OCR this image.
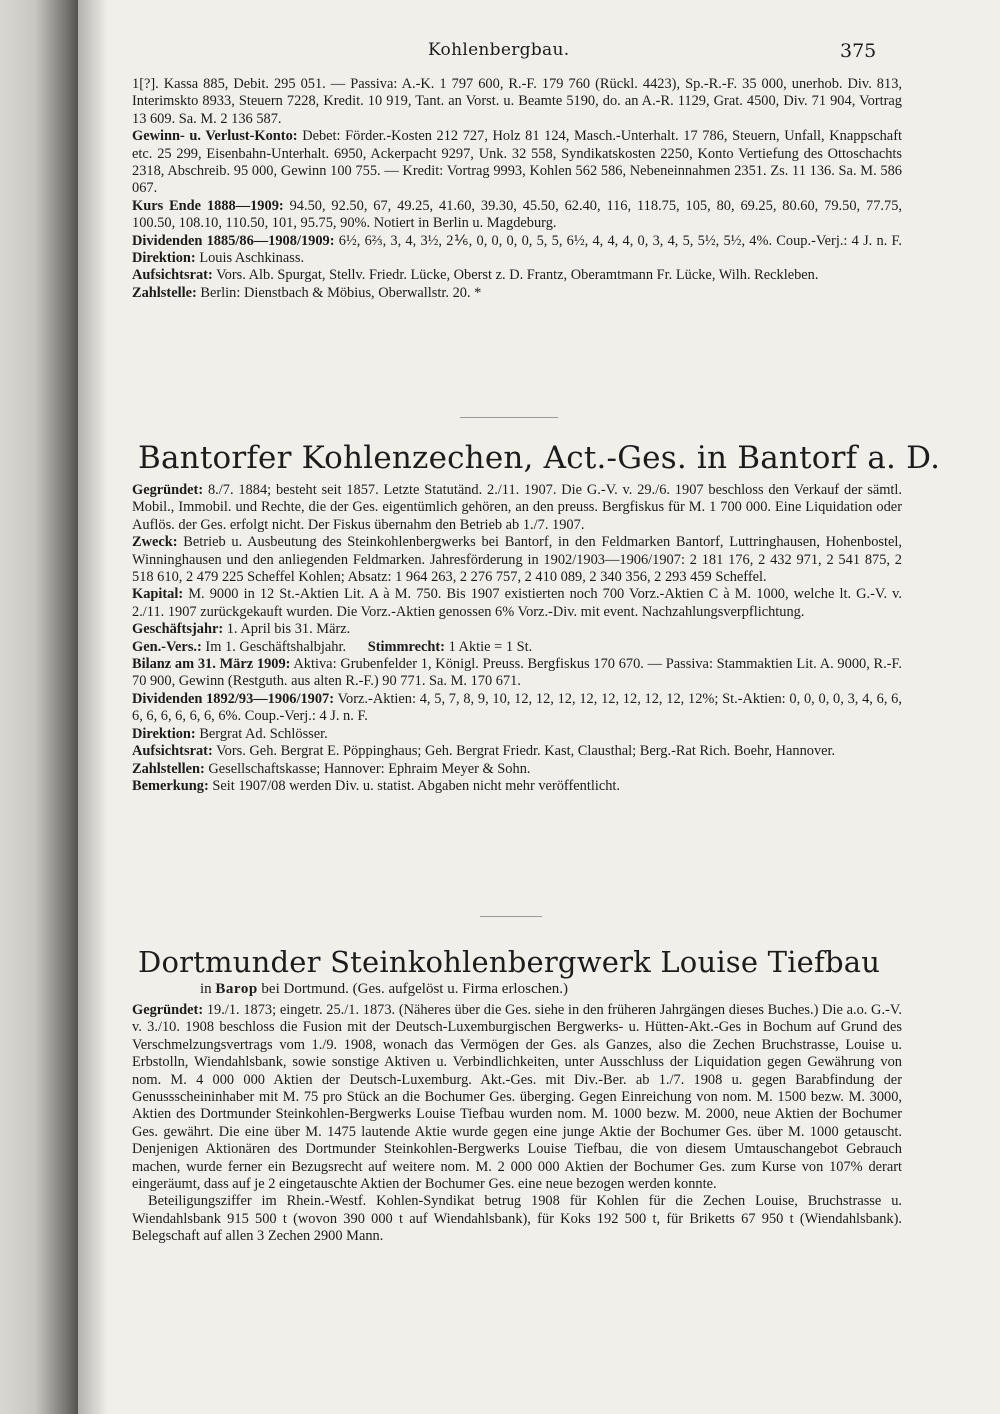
Kohlenbergbau.	375

1[?]. Kassa 885, Debit. 295 051. — Passiva: A.-K. 1 797 600, R.-F. 179 760 (Rückl. 4423), Sp.-R.-F. 35 000, unerhob. Div. 813, Interimskto 8933, Steuern 7228, Kredit. 10 919, Tant. an Vorst. u. Beamte 5190, do. an A.-R. 1129, Grat. 4500, Div. 71 904, Vortrag 13 609. Sa. M. 2 136 587.

Gewinn- u. Verlust-Konto: Debet: Förder.-Kosten 212 727, Holz 81 124, Masch.-Unterhalt. 17 786, Steuern, Unfall, Knappschaft etc. 25 299, Eisenbahn-Unterhalt. 6950, Ackerpacht 9297, Unk. 32 558, Syndikatskosten 2250, Konto Vertiefung des Ottoschachts 2318, Abschreib. 95 000, Gewinn 100 755. — Kredit: Vortrag 9993, Kohlen 562 586, Nebeneinnahmen 2351. Zs. 11 136. Sa. M. 586 067.

Kurs Ende 1888—1909: 94.50, 92.50, 67, 49.25, 41.60, 39.30, 45.50, 62.40, 116, 118.75, 105, 80, 69.25, 80.60, 79.50, 77.75, 100.50, 108.10, 110.50, 101, 95.75, 90%. Notiert in Berlin u. Magdeburg.

Dividenden 1885/86—1908/1909: 6½, 6⅔, 3, 4, 3½, 2⅙, 0, 0, 0, 0, 5, 5, 6½, 4, 4, 4, 0, 3, 4, 5, 5½, 5½, 4%. Coup.-Verj.: 4 J. n. F. Direktion: Louis Aschkinass.

Aufsichtsrat: Vors. Alb. Spurgat, Stellv. Friedr. Lücke, Oberst z. D. Frantz, Oberamtmann Fr. Lücke, Wilh. Reckleben.

Zahlstelle: Berlin: Dienstbach & Möbius, Oberwallstr. 20. *

Bantorfer Kohlenzechen, Act.-Ges. in Bantorf a. D.

Gegründet: 8./7. 1884; besteht seit 1857. Letzte Statutänd. 2./11. 1907. Die G.-V. v. 29./6. 1907 beschloss den Verkauf der sämtl. Mobil., Immobil. und Rechte, die der Ges. eigentümlich gehören, an den preuss. Bergfiskus für M. 1 700 000. Eine Liquidation oder Auflös. der Ges. erfolgt nicht. Der Fiskus übernahm den Betrieb ab 1./7. 1907.

Zweck: Betrieb u. Ausbeutung des Steinkohlenbergwerks bei Bantorf, in den Feldmarken Bantorf, Luttringhausen, Hohenbostel, Winninghausen und den anliegenden Feldmarken. Jahresförderung in 1902/1903—1906/1907: 2 181 176, 2 432 971, 2 541 875, 2 518 610, 2 479 225 Scheffel Kohlen; Absatz: 1 964 263, 2 276 757, 2 410 089, 2 340 356, 2 293 459 Scheffel.

Kapital: M. 9000 in 12 St.-Aktien Lit. A à M. 750. Bis 1907 existierten noch 700 Vorz.-Aktien C à M. 1000, welche lt. G.-V. v. 2./11. 1907 zurückgekauft wurden. Die Vorz.-Aktien genossen 6% Vorz.-Div. mit event. Nachzahlungsverpflichtung.

Geschäftsjahr: 1. April bis 31. März.

Gen.-Vers.: Im 1. Geschäftshalbjahr. Stimmrecht: 1 Aktie = 1 St.

Bilanz am 31. März 1909: Aktiva: Grubenfelder 1, Königl. Preuss. Bergfiskus 170 670. — Passiva: Stammaktien Lit. A. 9000, R.-F. 70 900, Gewinn (Restguth. aus alten R.-F.) 90 771. Sa. M. 170 671.

Dividenden 1892/93—1906/1907: Vorz.-Aktien: 4, 5, 7, 8, 9, 10, 12, 12, 12, 12, 12, 12, 12, 12, 12%; St.-Aktien: 0, 0, 0, 0, 3, 4, 6, 6, 6, 6, 6, 6, 6, 6, 6%. Coup.-Verj.: 4 J. n. F.

Direktion: Bergrat Ad. Schlösser.

Aufsichtsrat: Vors. Geh. Bergrat E. Pöppinghaus; Geh. Bergrat Friedr. Kast, Clausthal; Berg.-Rat Rich. Boehr, Hannover.

Zahlstellen: Gesellschaftskasse; Hannover: Ephraim Meyer & Sohn.

Bemerkung: Seit 1907/08 werden Div. u. statist. Abgaben nicht mehr veröffentlicht.

Dortmunder Steinkohlenbergwerk Louise Tiefbau
in Barop bei Dortmund. (Ges. aufgelöst u. Firma erloschen.)

Gegründet: 19./1. 1873; eingetr. 25./1. 1873. (Näheres über die Ges. siehe in den früheren Jahrgängen dieses Buches.) Die a.o. G.-V. v. 3./10. 1908 beschloss die Fusion mit der Deutsch-Luxemburgischen Bergwerks- u. Hütten-Akt.-Ges in Bochum auf Grund des Verschmelzungsvertrags vom 1./9. 1908, wonach das Vermögen der Ges. als Ganzes, also die Zechen Bruchstrasse, Louise u. Erbstolln, Wiendahlsbank, sowie sonstige Aktiven u. Verbindlichkeiten, unter Ausschluss der Liquidation gegen Gewährung von nom. M. 4 000 000 Aktien der Deutsch-Luxemburg. Akt.-Ges. mit Div.-Ber. ab 1./7. 1908 u. gegen Barabfindung der Genussscheininhaber mit M. 75 pro Stück an die Bochumer Ges. überging. Gegen Einreichung von nom. M. 1500 bezw. M. 3000, Aktien des Dortmunder Steinkohlen-Bergwerks Louise Tiefbau wurden nom. M. 1000 bezw. M. 2000, neue Aktien der Bochumer Ges. gewährt. Die eine über M. 1475 lautende Aktie wurde gegen eine junge Aktie der Bochumer Ges. über M. 1000 getauscht. Denjenigen Aktionären des Dortmunder Steinkohlen-Bergwerks Louise Tiefbau, die von diesem Umtauschangebot Gebrauch machen, wurde ferner ein Bezugsrecht auf weitere nom. M. 2 000 000 Aktien der Bochumer Ges. zum Kurse von 107% derart eingeräumt, dass auf je 2 eingetauschte Aktien der Bochumer Ges. eine neue bezogen werden konnte.

Beteiligungsziffer im Rhein.-Westf. Kohlen-Syndikat betrug 1908 für Kohlen für die Zechen Louise, Bruchstrasse u. Wiendahlsbank 915 500 t (wovon 390 000 t auf Wiendahlsbank), für Koks 192 500 t, für Briketts 67 950 t (Wiendahlsbank). Belegschaft auf allen 3 Zechen 2900 Mann.
